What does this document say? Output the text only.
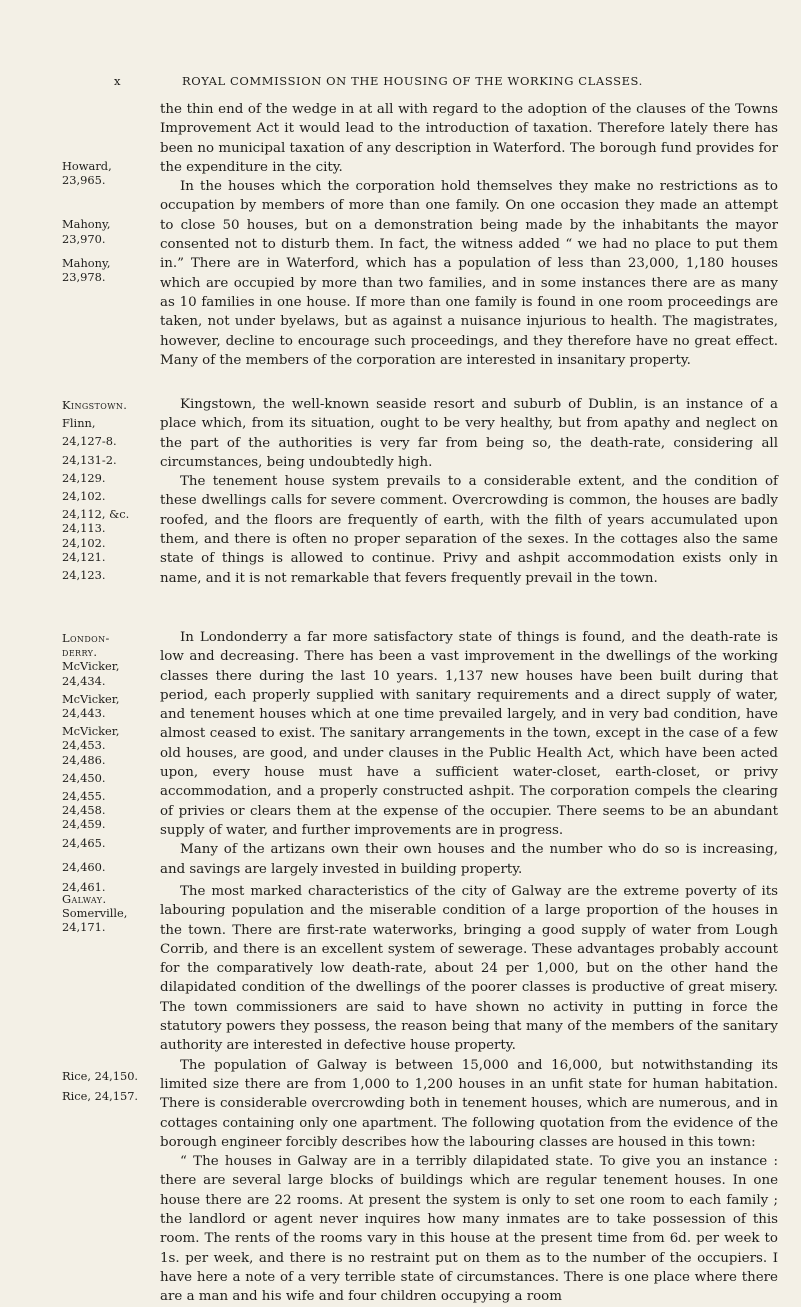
x	ROYAL COMMISSION ON THE HOUSING OF THE WORKING CLASSES.

the thin end of the wedge in at all with regard to the adoption of the clauses of the Towns Improvement Act it would lead to the introduction of taxation. Therefore lately there has been no municipal taxation of any description in Waterford. The borough fund provides for the expenditure in the city.

In the houses which the corporation hold themselves they make no restrictions as to occupation by members of more than one family. On one occasion they made an attempt to close 50 houses, but on a demonstration being made by the inhabitants the mayor consented not to disturb them. In fact, the witness added “ we had no place to put them in.” There are in Waterford, which has a population of less than 23,000, 1,180 houses which are occupied by more than two families, and in some instances there are as many as 10 families in one house. If more than one family is found in one room proceedings are taken, not under byelaws, but as against a nuisance injurious to health. The magistrates, however, decline to encourage such proceedings, and they therefore have no great effect. Many of the members of the corporation are interested in insanitary property.

Howard,
23,965.
Mahony,
23,970.
Mahony,
23,978.

Kingstown, the well-known seaside resort and suburb of Dublin, is an instance of a place which, from its situation, ought to be very healthy, but from apathy and neglect on the part of the authorities is very far from being so, the death-rate, considering all circumstances, being undoubtedly high.

The tenement house system prevails to a considerable extent, and the condition of these dwellings calls for severe comment. Overcrowding is common, the houses are badly roofed, and the floors are frequently of earth, with the filth of years accumulated upon them, and there is often no proper separation of the sexes. In the cottages also the same state of things is allowed to continue. Privy and ashpit accommodation exists only in name, and it is not remarkable that fevers frequently prevail in the town.

Kingstown.
Flinn,
24,127-8.
24,131-2.
24,129.
24,102.
24,112, &c.
24,113.
24,102.
24,121.
24,123.

In Londonderry a far more satisfactory state of things is found, and the death-rate is low and decreasing. There has been a vast improvement in the dwellings of the working classes there during the last 10 years. 1,137 new houses have been built during that period, each properly supplied with sanitary requirements and a direct supply of water, and tenement houses which at one time prevailed largely, and in very bad condition, have almost ceased to exist. The sanitary arrangements in the town, except in the case of a few old houses, are good, and under clauses in the Public Health Act, which have been acted upon, every house must have a sufficient water-closet, earth-closet, or privy accommodation, and a properly constructed ashpit. The corporation compels the clearing of privies or clears them at the expense of the occupier. There seems to be an abundant supply of water, and further improvements are in progress.

Many of the artizans own their own houses and the number who do so is increasing, and savings are largely invested in building property.

London-
derry.
McVicker,
24,434.
McVicker,
24,443.
McVicker,
24,453.
24,486.
24,450.
24,455.
24,458.
24,459.
24,465.
24,460.
24,461.	The most marked characteristics of the city of Galway are the extreme poverty of its labouring population and the miserable condition of a large proportion of the houses in the town. There are first-rate waterworks, bringing a good supply of water from Lough Corrib, and there is an excellent system of sewerage. These advantages probably account for the comparatively low death-rate, about 24 per 1,000, but on the other hand the dilapidated condition of the dwellings of the poorer classes is productive of great misery. The town commissioners are said to have shown no activity in putting in force the statutory powers they possess, the reason being that many of the members of the sanitary authority are interested in defective house property.

The population of Galway is between 15,000 and 16,000, but notwithstanding its limited size there are from 1,000 to 1,200 houses in an unfit state for human habitation. There is considerable overcrowding both in tenement houses, which are numerous, and in cottages containing only one apartment. The following quotation from the evidence of the borough engineer forcibly describes how the labouring classes are housed in this town:

“ The houses in Galway are in a terribly dilapidated state. To give you an instance : there are several large blocks of buildings which are regular tenement houses. In one house there are 22 rooms. At present the system is only to set one room to each family ; the landlord or agent never inquires how many inmates are to take possession of this room. The rents of the rooms vary in this house at the present time from 6d. per week to 1s. per week, and there is no restraint put on them as to the number of the occupiers. I have here a note of a very terrible state of circumstances. There is one place where there are a man and his wife and four children occupying a room

Galway.
Somerville,
24,171.
Rice, 24,150.
Rice, 24,157.
